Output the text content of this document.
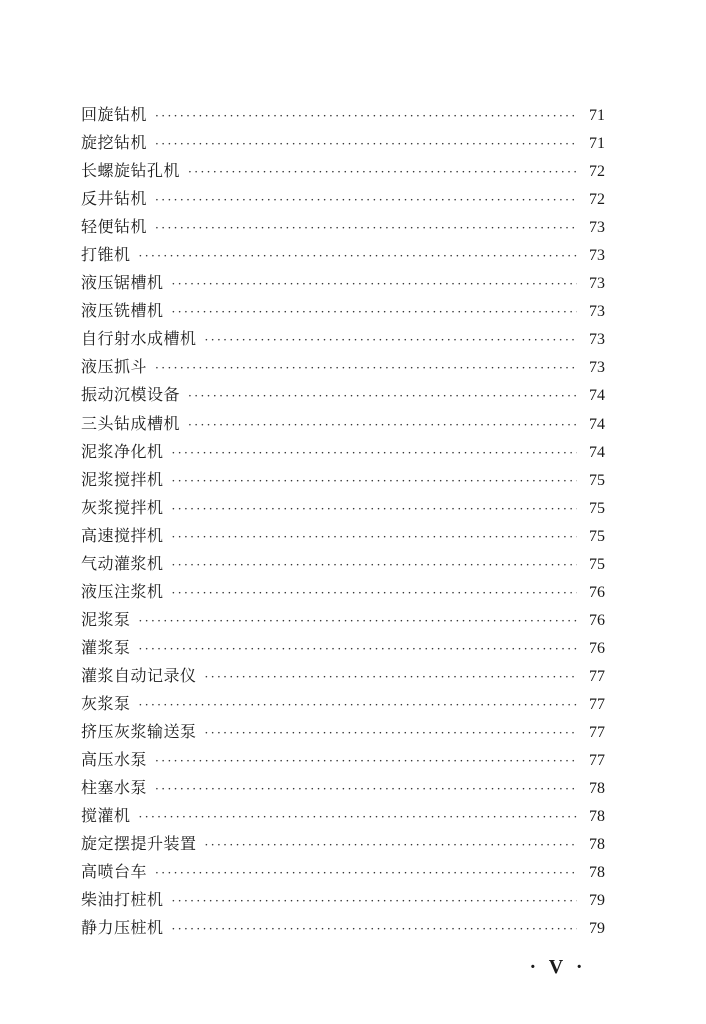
回旋钻机 ·····	71
旋挖钻机 ·····	71
长螺旋钻孔机 ·····	72
反井钻机 ·····	72
轻便钻机 ·····	73
打锥机 ·····	73
液压锯槽机 ·····	73
液压铣槽机 ·····	73
自行射水成槽机 ·····	73
液压抓斗 ·····	73
振动沉模设备 ·····	74
三头钻成槽机 ·····	74
泥浆净化机 ·····	74
泥浆搅拌机 ·····	75
灰浆搅拌机 ·····	75
高速搅拌机 ·····	75
气动灌浆机 ·····	75
液压注浆机 ·····	76
泥浆泵 ·····	76
灌浆泵 ·····	76
灌浆自动记录仪 ·····	77
灰浆泵 ·····	77
挤压灰浆输送泵 ·····	77
高压水泵 ·····	77
柱塞水泵 ·····	78
搅灌机 ·····	78
旋定摆提升装置 ·····	78
高喷台车 ·····	78
柴油打桩机 ·····	79
静力压桩机 ·····	79
· V ·
